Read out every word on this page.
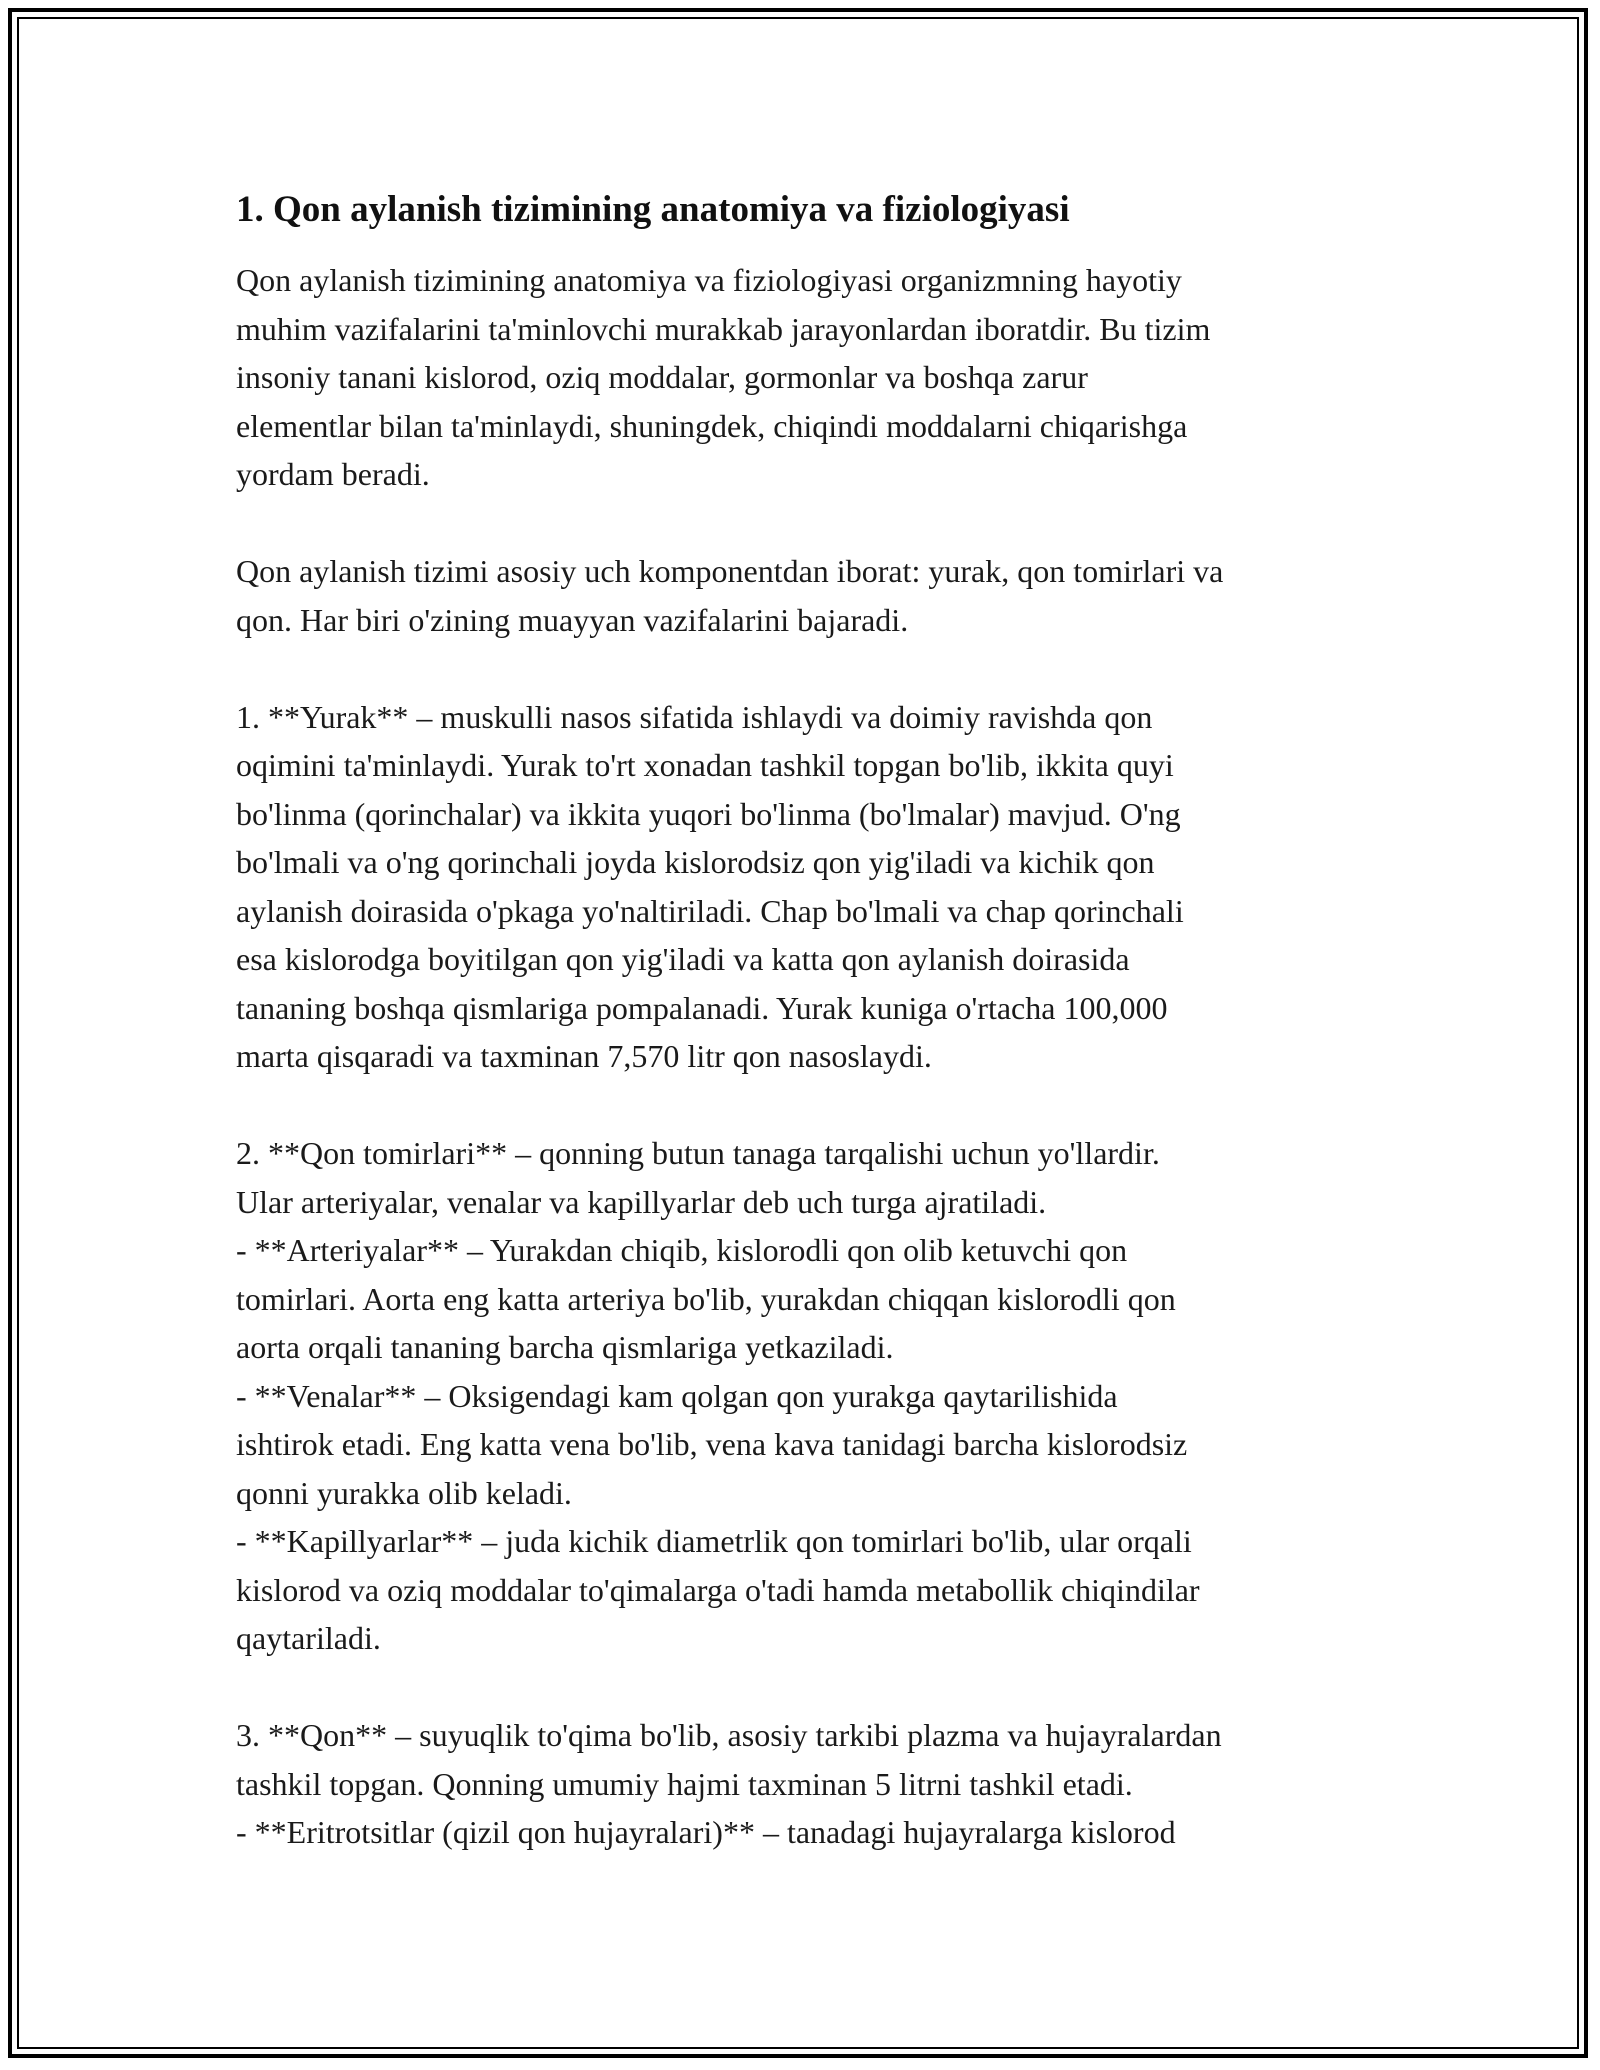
1. Qon aylanish tizimining anatomiya va fiziologiyasi

Qon aylanish tizimining anatomiya va fiziologiyasi organizmning hayotiy
muhim vazifalarini ta'minlovchi murakkab jarayonlardan iboratdir. Bu tizim
insoniy tanani kislorod, oziq moddalar, gormonlar va boshqa zarur
elementlar bilan ta'minlaydi, shuningdek, chiqindi moddalarni chiqarishga
yordam beradi.

Qon aylanish tizimi asosiy uch komponentdan iborat: yurak, qon tomirlari va
qon. Har biri o'zining muayyan vazifalarini bajaradi.

1. **Yurak** – muskulli nasos sifatida ishlaydi va doimiy ravishda qon
oqimini ta'minlaydi. Yurak to'rt xonadan tashkil topgan bo'lib, ikkita quyi
bo'linma (qorinchalar) va ikkita yuqori bo'linma (bo'lmalar) mavjud. O'ng
bo'lmali va o'ng qorinchali joyda kislorodsiz qon yig'iladi va kichik qon
aylanish doirasida o'pkaga yo'naltiriladi. Chap bo'lmali va chap qorinchali
esa kislorodga boyitilgan qon yig'iladi va katta qon aylanish doirasida
tananing boshqa qismlariga pompalanadi. Yurak kuniga o'rtacha 100,000
marta qisqaradi va taxminan 7,570 litr qon nasoslaydi.

2. **Qon tomirlari** – qonning butun tanaga tarqalishi uchun yo'llardir.
Ular arteriyalar, venalar va kapillyarlar deb uch turga ajratiladi.
- **Arteriyalar** – Yurakdan chiqib, kislorodli qon olib ketuvchi qon
tomirlari. Aorta eng katta arteriya bo'lib, yurakdan chiqqan kislorodli qon
aorta orqali tananing barcha qismlariga yetkaziladi.
- **Venalar** – Oksigendagi kam qolgan qon yurakga qaytarilishida
ishtirok etadi. Eng katta vena bo'lib, vena kava tanidagi barcha kislorodsiz
qonni yurakka olib keladi.
- **Kapillyarlar** – juda kichik diametrlik qon tomirlari bo'lib, ular orqali
kislorod va oziq moddalar to'qimalarga o'tadi hamda metabollik chiqindilar
qaytariladi.

3. **Qon** – suyuqlik to'qima bo'lib, asosiy tarkibi plazma va hujayralardan
tashkil topgan. Qonning umumiy hajmi taxminan 5 litrni tashkil etadi.
- **Eritrotsitlar (qizil qon hujayralari)** – tanadagi hujayralarga kislorod
